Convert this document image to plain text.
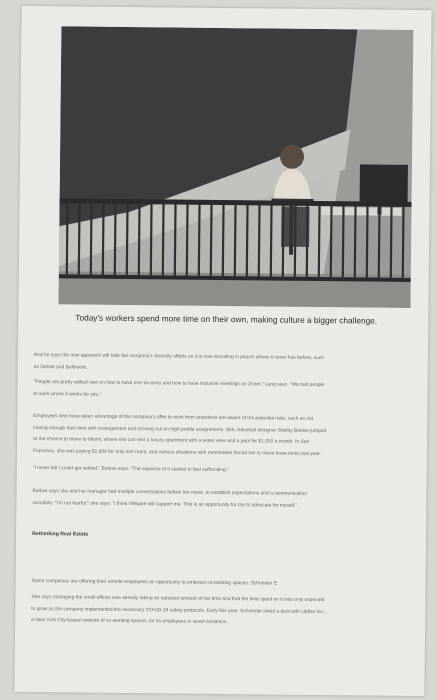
Today's workers spend more time on their own, making culture a bigger challenge.

And he says the new approach will help the company's diversity efforts as it is now recruiting in places where it never has before, such

as Detroit and Baltimore.

"People are pretty skilled now on how to have one-on-ones and how to have inclusive meetings on Zoom," Lang says. "We told people

to work where it works for you."

Employees who have taken advantage of the company's offer to work from anywhere are aware of the potential risks, such as not

having enough face time with management and missing out on high-profile assignments. Still, industrial designer Shelby Barlow jumped

at the chance to move to Miami, where she can rent a luxury apartment with a water view and a pool for $1,550 a month. In San

Francisco, she was paying $1,600 for only one room, and various situations with roommates forced her to move three times last year.

"I never felt I could get settled," Barlow says. "The expense of it started to feel suffocating."

Barlow says she and her manager had multiple conversations before her move, to establish expectations and a communication

schedule. "I'm not fearful," she says. "I think VMware will support me. This is an opportunity for me to advocate for myself."

Rethinking Real Estate

Some companies are offering their remote employees an opportunity to embrace co-working spaces. Schneider E

She says managing the small offices was already taking an outsized amount of her time and that the time spent on it was only expected

to grow as the company implemented the necessary COVID-19 safety protocols. Early this year, Schneider inked a deal with Upflex Inc.,

a New York City-based network of co-working spaces, for its employees in seven locations.
